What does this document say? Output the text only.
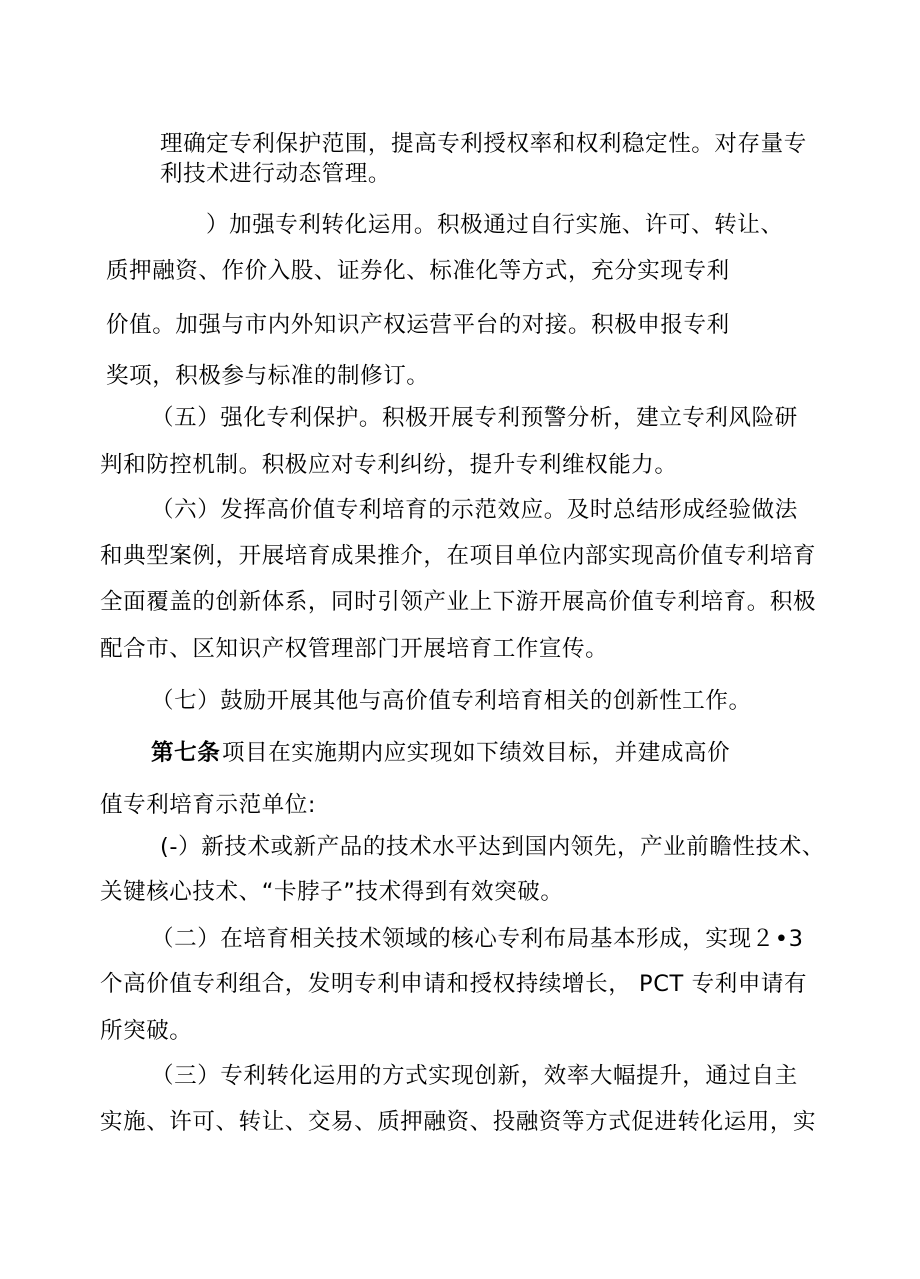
理确定专利保护范围，提高专利授权率和权利稳定性。对存量专
利技术进行动态管理。
）加强专利转化运用。积极通过自行实施、许可、转让、
质押融资、作价入股、证券化、标准化等方式，充分实现专利
价值。加强与市内外知识产权运营平台的对接。积极申报专利
奖项，积极参与标准的制修订。
（五）强化专利保护。积极开展专利预警分析，建立专利风险研
判和防控机制。积极应对专利纠纷，提升专利维权能力。
（六）发挥高价值专利培育的示范效应。及时总结形成经验做法
和典型案例，开展培育成果推介，在项目单位内部实现高价值专利培育
全面覆盖的创新体系，同时引领产业上下游开展高价值专利培育。积极
配合市、区知识产权管理部门开展培育工作宣传。
（七）鼓励开展其他与高价值专利培育相关的创新性工作。
第七条 项目在实施期内应实现如下绩效目标，并建成高价
值专利培育示范单位:
(-）新技术或新产品的技术水平达到国内领先，产业前瞻性技术、
关键核心技术、“卡脖子”技术得到有效突破。
（二）在培育相关技术领域的核心专利布局基本形成，实现２•3
个高价值专利组合，发明专利申请和授权持续增长， PCT 专利申请有
所突破。
（三）专利转化运用的方式实现创新，效率大幅提升，通过自主
实施、许可、转让、交易、质押融资、投融资等方式促进转化运用，实
